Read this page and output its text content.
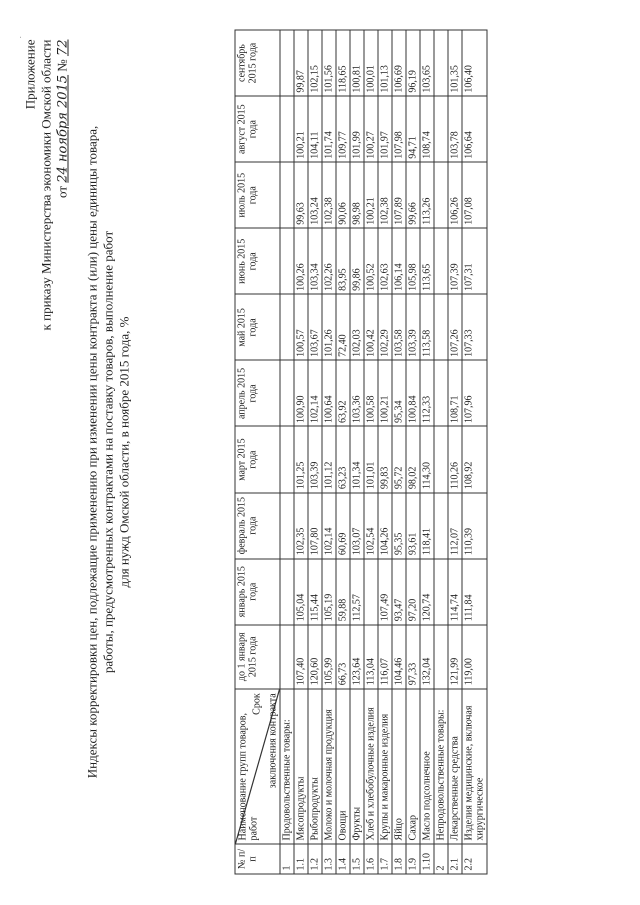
Приложение к приказу Министерства экономики Омской области от 24 ноября 2015 № 72
Индексы корректировки цен, подлежащие применению при изменении цены контракта и (или) цены единицы товара, работы, предусмотренных контрактами на поставку товаров, выполнение работ для нужд Омской области, в ноябре 2015 года, %
№ п/п	Наименование групп товаров, работ
Срок заключения контракта	до 1 января 2015 года	январь 2015 года	февраль 2015 года	март 2015 года	апрель 2015 года	май 2015 года	июнь 2015 года	июль 2015 года	август 2015 года	сентябрь 2015 года
1	Продовольственные товары:										
1.1	Мясопродукты	107,40	105,04	102,35	101,25	100,90	100,57	100,26	99,63	100,21	99,87
1.2	Рыбопродукты	120,60	115,44	107,80	103,39	102,14	103,67	103,34	103,24	104,11	102,15
1.3	Молоко и молочная продукция	105,99	105,19	102,14	101,12	100,64	101,26	102,26	102,38	101,74	101,56
1.4	Овощи	66,73	59,88	60,69	63,23	63,92	72,40	83,95	90,06	109,77	118,65
1.5	Фрукты	123,64	112,57	103,07	101,34	103,36	102,03	99,86	98,98	101,99	100,81
1.6	Хлеб и хлебобулочные изделия	113,04		102,54	101,01	100,58	100,42	100,52	100,21	100,27	100,01
1.7	Крупы и макаронные изделия	116,07	107,49	104,26	99,83	100,21	102,29	102,63	102,38	101,97	101,13
1.8	Яйцо	104,46	93,47	95,35	95,72	95,34	103,58	106,14	107,89	107,98	106,69
1.9	Сахар	97,33	97,20	93,61	98,02	100,84	103,39	105,98	99,66	94,71	96,19
1.10	Масло подсолнечное	132,04	120,74	118,41	114,30	112,33	113,58	113,65	113,26	108,74	103,65
2	Непродовольственные товары:										
2.1	Лекарственные средства	121,99	114,74	112,07	110,26	108,71	107,26	107,39	106,26	103,78	101,35
2.2	Изделия медицинские, включая хирургическое	119,00	111,84	110,39	108,92	107,96	107,33	107,31	107,08	106,64	106,40
·
